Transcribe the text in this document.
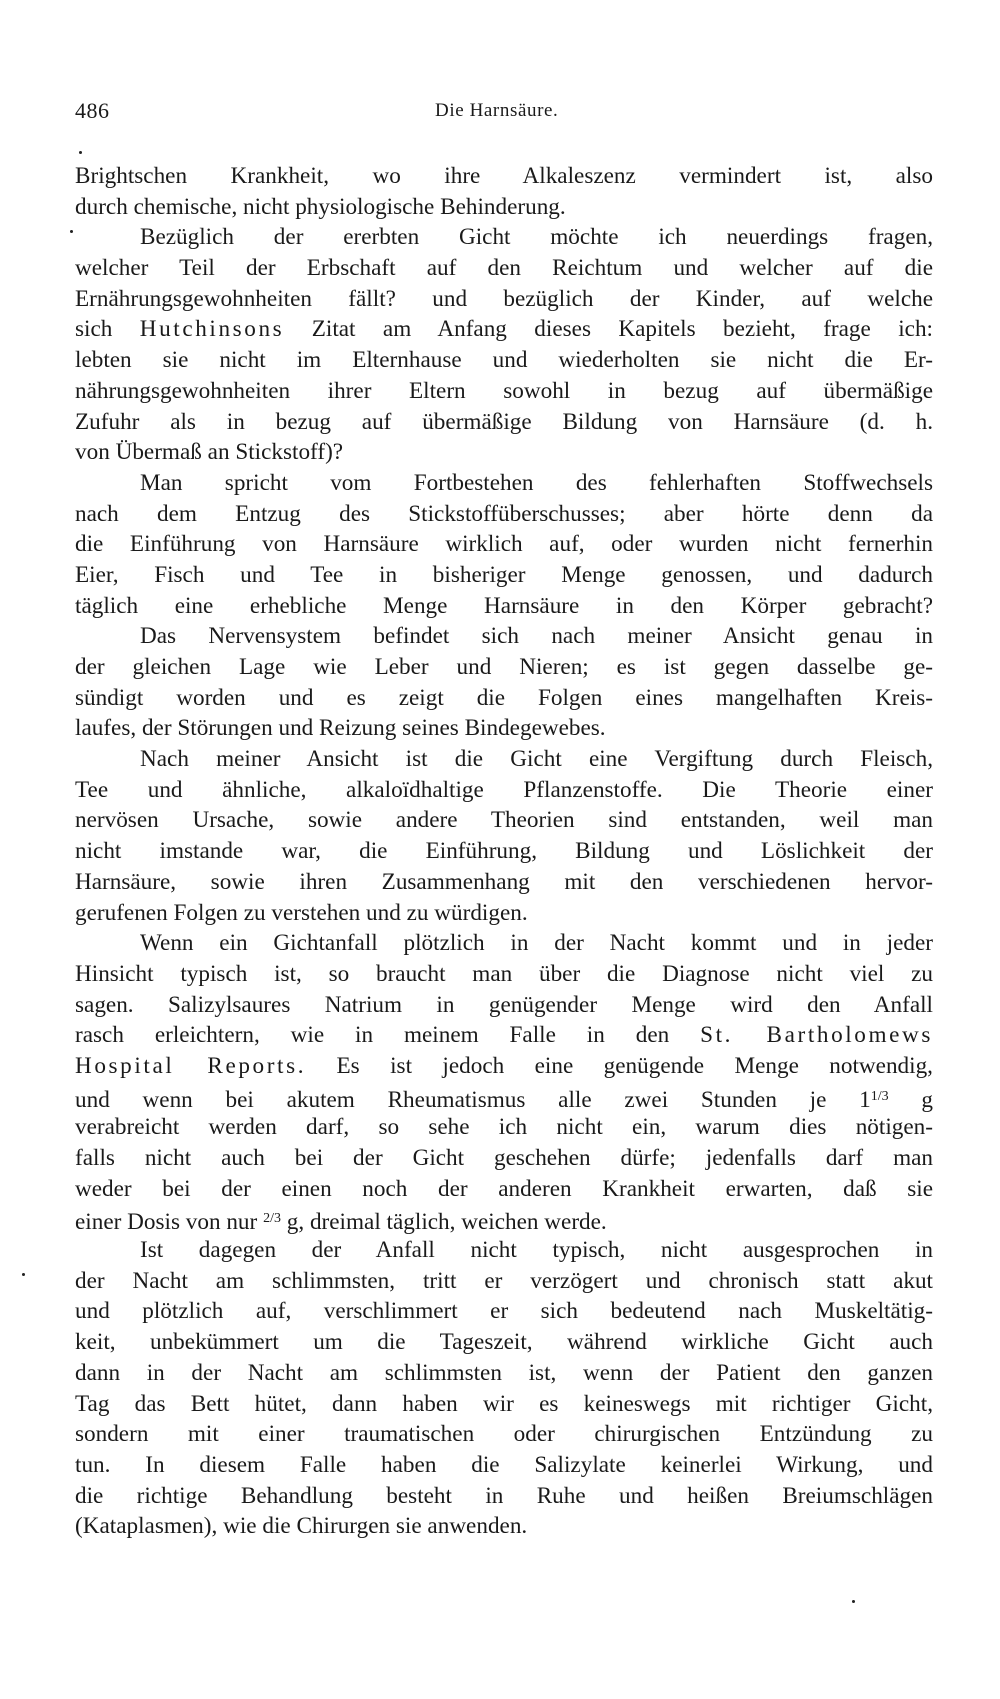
486	Die Harnsäure.
Brightschen Krankheit, wo ihre Alkaleszenz vermindert ist, also
durch chemische, nicht physiologische Behinderung.
Bezüglich der ererbten Gicht möchte ich neuerdings fragen,
welcher Teil der Erbschaft auf den Reichtum und welcher auf die
Ernährungsgewohnheiten fällt? und bezüglich der Kinder, auf welche
sich Hutchinsons Zitat am Anfang dieses Kapitels bezieht, frage ich:
lebten sie nicht im Elternhause und wiederholten sie nicht die Er-
nährungsgewohnheiten ihrer Eltern sowohl in bezug auf übermäßige
Zufuhr als in bezug auf übermäßige Bildung von Harnsäure (d. h.
von Übermaß an Stickstoff)?
Man spricht vom Fortbestehen des fehlerhaften Stoffwechsels
nach dem Entzug des Stickstoffüberschusses; aber hörte denn da
die Einführung von Harnsäure wirklich auf, oder wurden nicht fernerhin
Eier, Fisch und Tee in bisheriger Menge genossen, und dadurch
täglich eine erhebliche Menge Harnsäure in den Körper gebracht?
Das Nervensystem befindet sich nach meiner Ansicht genau in
der gleichen Lage wie Leber und Nieren; es ist gegen dasselbe ge-
sündigt worden und es zeigt die Folgen eines mangelhaften Kreis-
laufes, der Störungen und Reizung seines Bindegewebes.
Nach meiner Ansicht ist die Gicht eine Vergiftung durch Fleisch,
Tee und ähnliche, alkaloïdhaltige Pflanzenstoffe. Die Theorie einer
nervösen Ursache, sowie andere Theorien sind entstanden, weil man
nicht imstande war, die Einführung, Bildung und Löslichkeit der
Harnsäure, sowie ihren Zusammenhang mit den verschiedenen hervor-
gerufenen Folgen zu verstehen und zu würdigen.
Wenn ein Gichtanfall plötzlich in der Nacht kommt und in jeder
Hinsicht typisch ist, so braucht man über die Diagnose nicht viel zu
sagen. Salizylsaures Natrium in genügender Menge wird den Anfall
rasch erleichtern, wie in meinem Falle in den St. Bartholomews
Hospital Reports. Es ist jedoch eine genügende Menge notwendig,
und wenn bei akutem Rheumatismus alle zwei Stunden je $1^{1/3}$ g
verabreicht werden darf, so sehe ich nicht ein, warum dies nötigen-
falls nicht auch bei der Gicht geschehen dürfe; jedenfalls darf man
weder bei der einen noch der anderen Krankheit erwarten, daß sie
einer Dosis von nur $^{2/3}$ g, dreimal täglich, weichen werde.
Ist dagegen der Anfall nicht typisch, nicht ausgesprochen in
der Nacht am schlimmsten, tritt er verzögert und chronisch statt akut
und plötzlich auf, verschlimmert er sich bedeutend nach Muskeltätig-
keit, unbekümmert um die Tageszeit, während wirkliche Gicht auch
dann in der Nacht am schlimmsten ist, wenn der Patient den ganzen
Tag das Bett hütet, dann haben wir es keineswegs mit richtiger Gicht,
sondern mit einer traumatischen oder chirurgischen Entzündung zu
tun. In diesem Falle haben die Salizylate keinerlei Wirkung, und
die richtige Behandlung besteht in Ruhe und heißen Breiumschlägen
(Kataplasmen), wie die Chirurgen sie anwenden.
